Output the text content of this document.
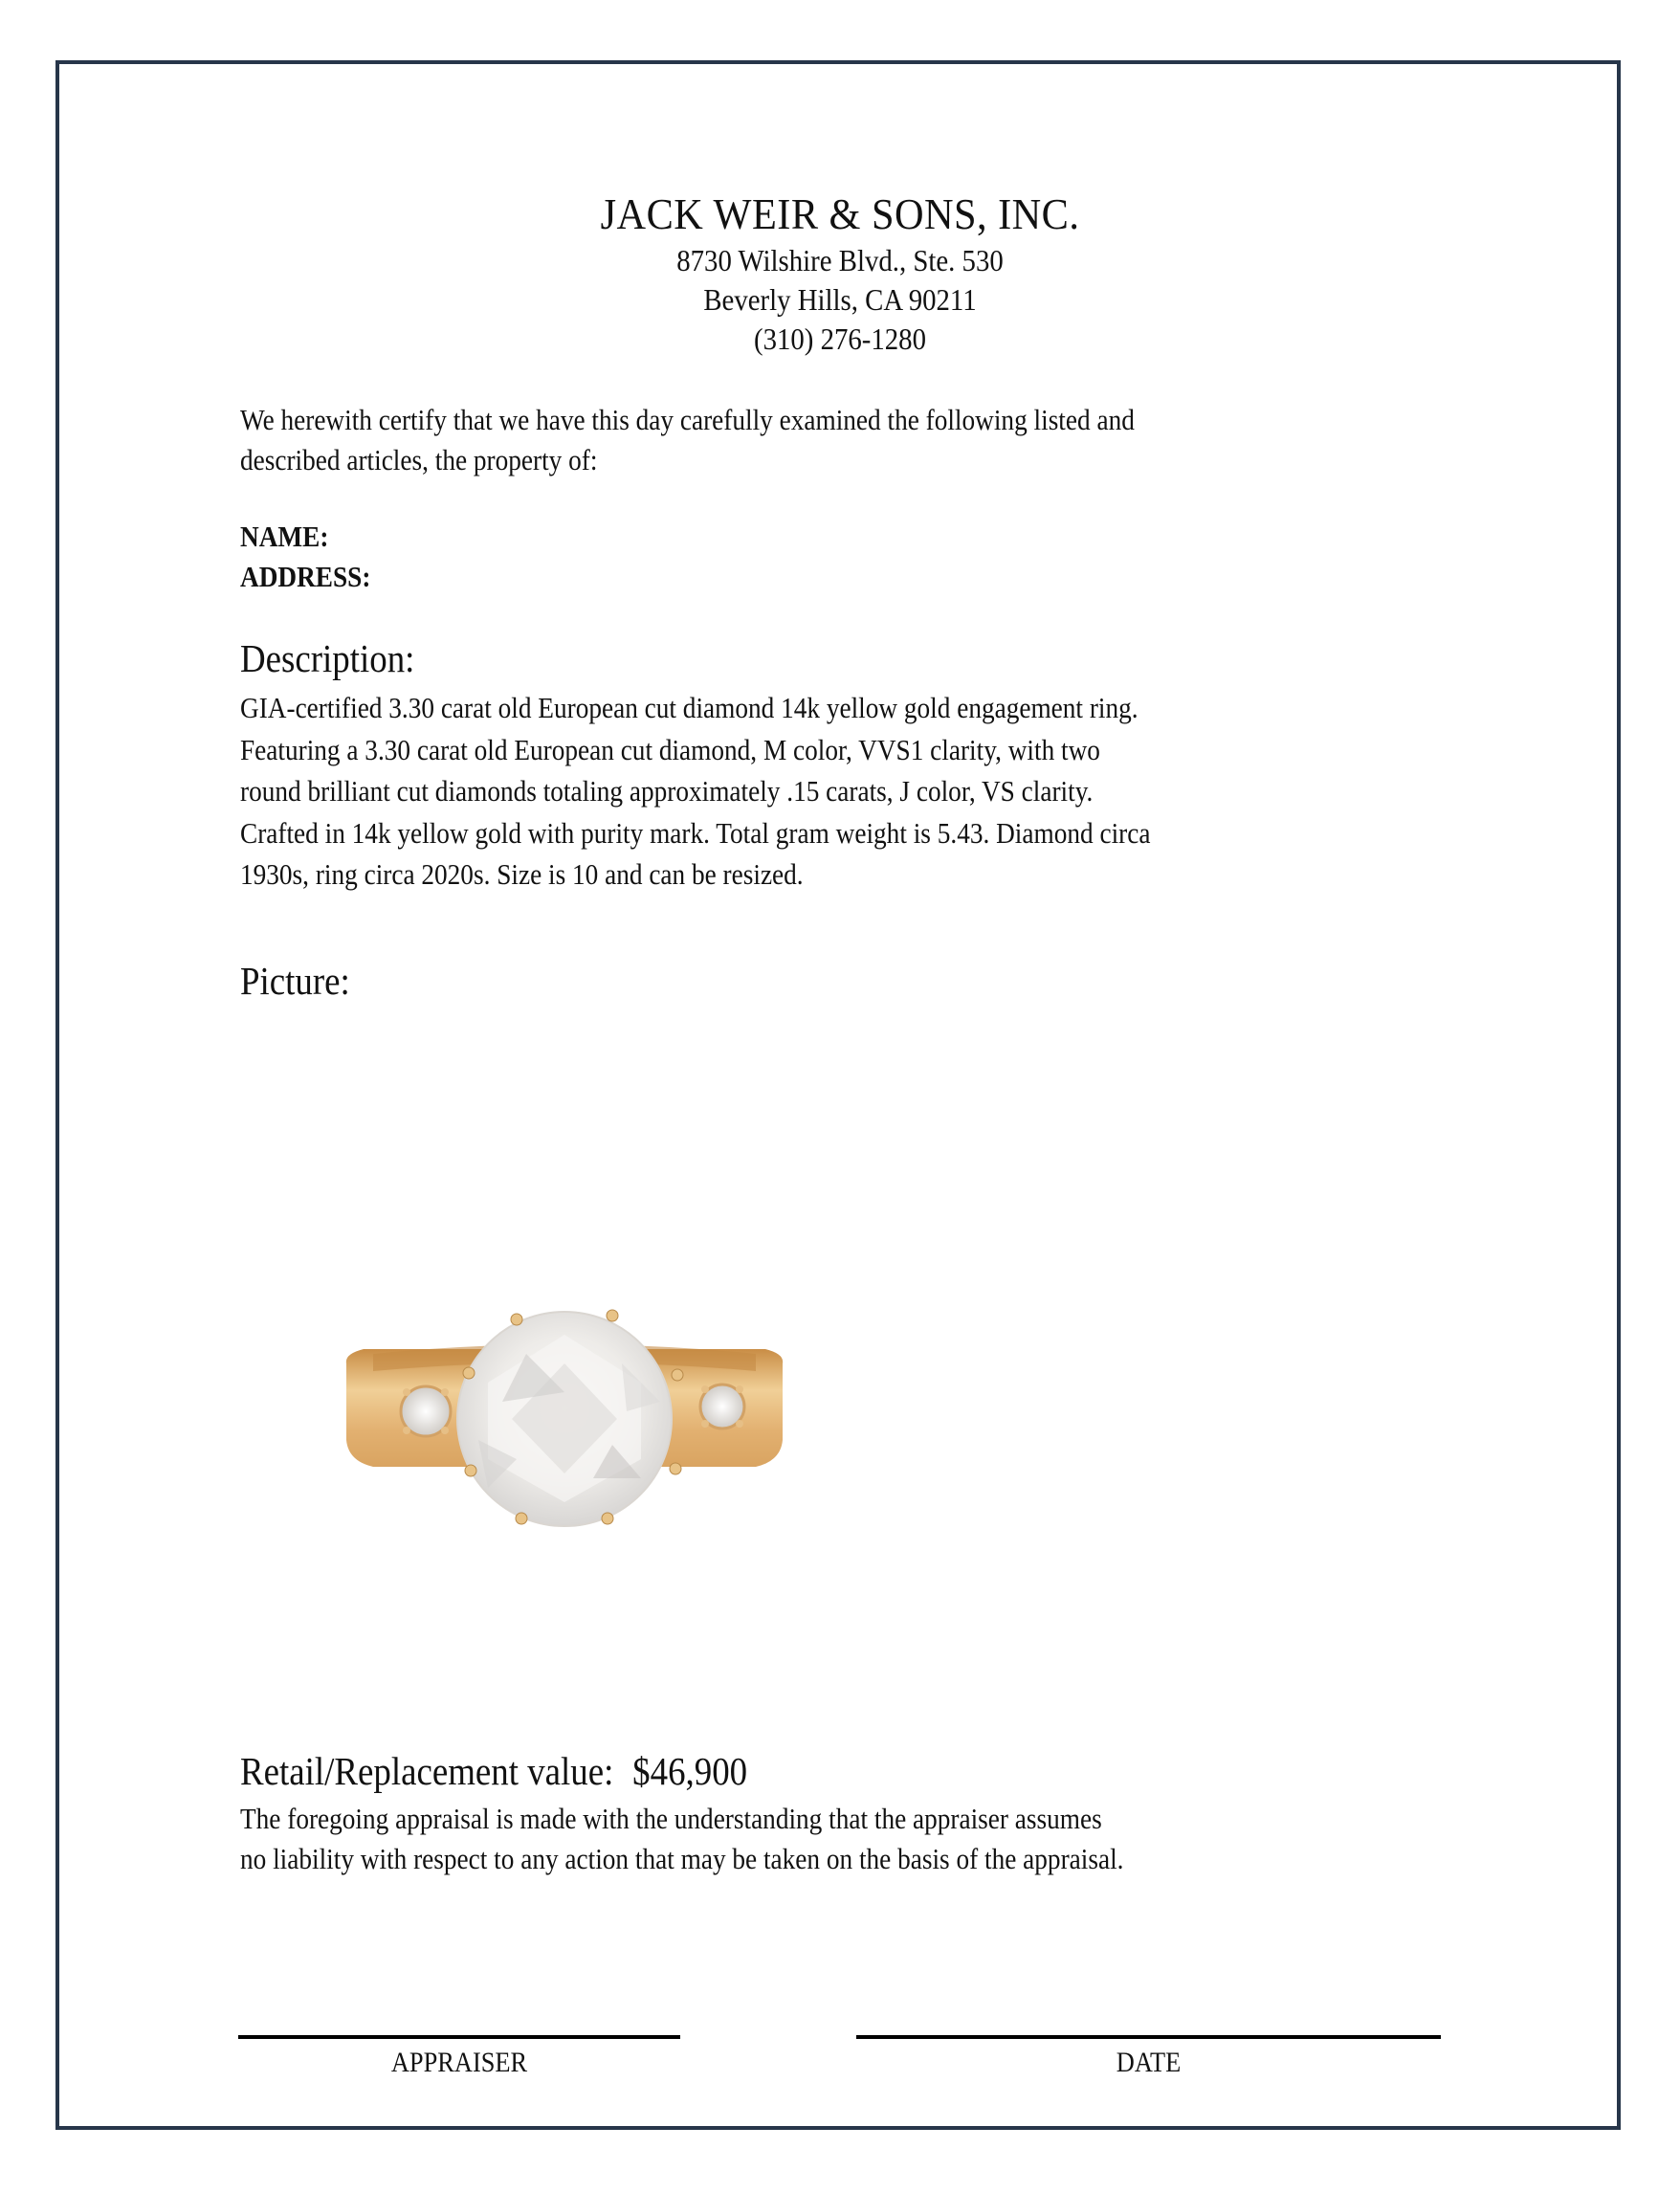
JACK WEIR & SONS, INC.
8730 Wilshire Blvd., Ste. 530
Beverly Hills, CA 90211
(310) 276-1280
We herewith certify that we have this day carefully examined the following listed and
described articles, the property of:
NAME:
ADDRESS:
Description:
GIA-certified 3.30 carat old European cut diamond 14k yellow gold engagement ring.
Featuring a 3.30 carat old European cut diamond, M color, VVS1 clarity, with two
round brilliant cut diamonds totaling approximately .15 carats, J color, VS clarity.
Crafted in 14k yellow gold with purity mark. Total gram weight is 5.43. Diamond circa
1930s, ring circa 2020s. Size is 10 and can be resized.
Picture:
Retail/Replacement value: $46,900
The foregoing appraisal is made with the understanding that the appraiser assumes
no liability with respect to any action that may be taken on the basis of the appraisal.
APPRAISER	DATE
